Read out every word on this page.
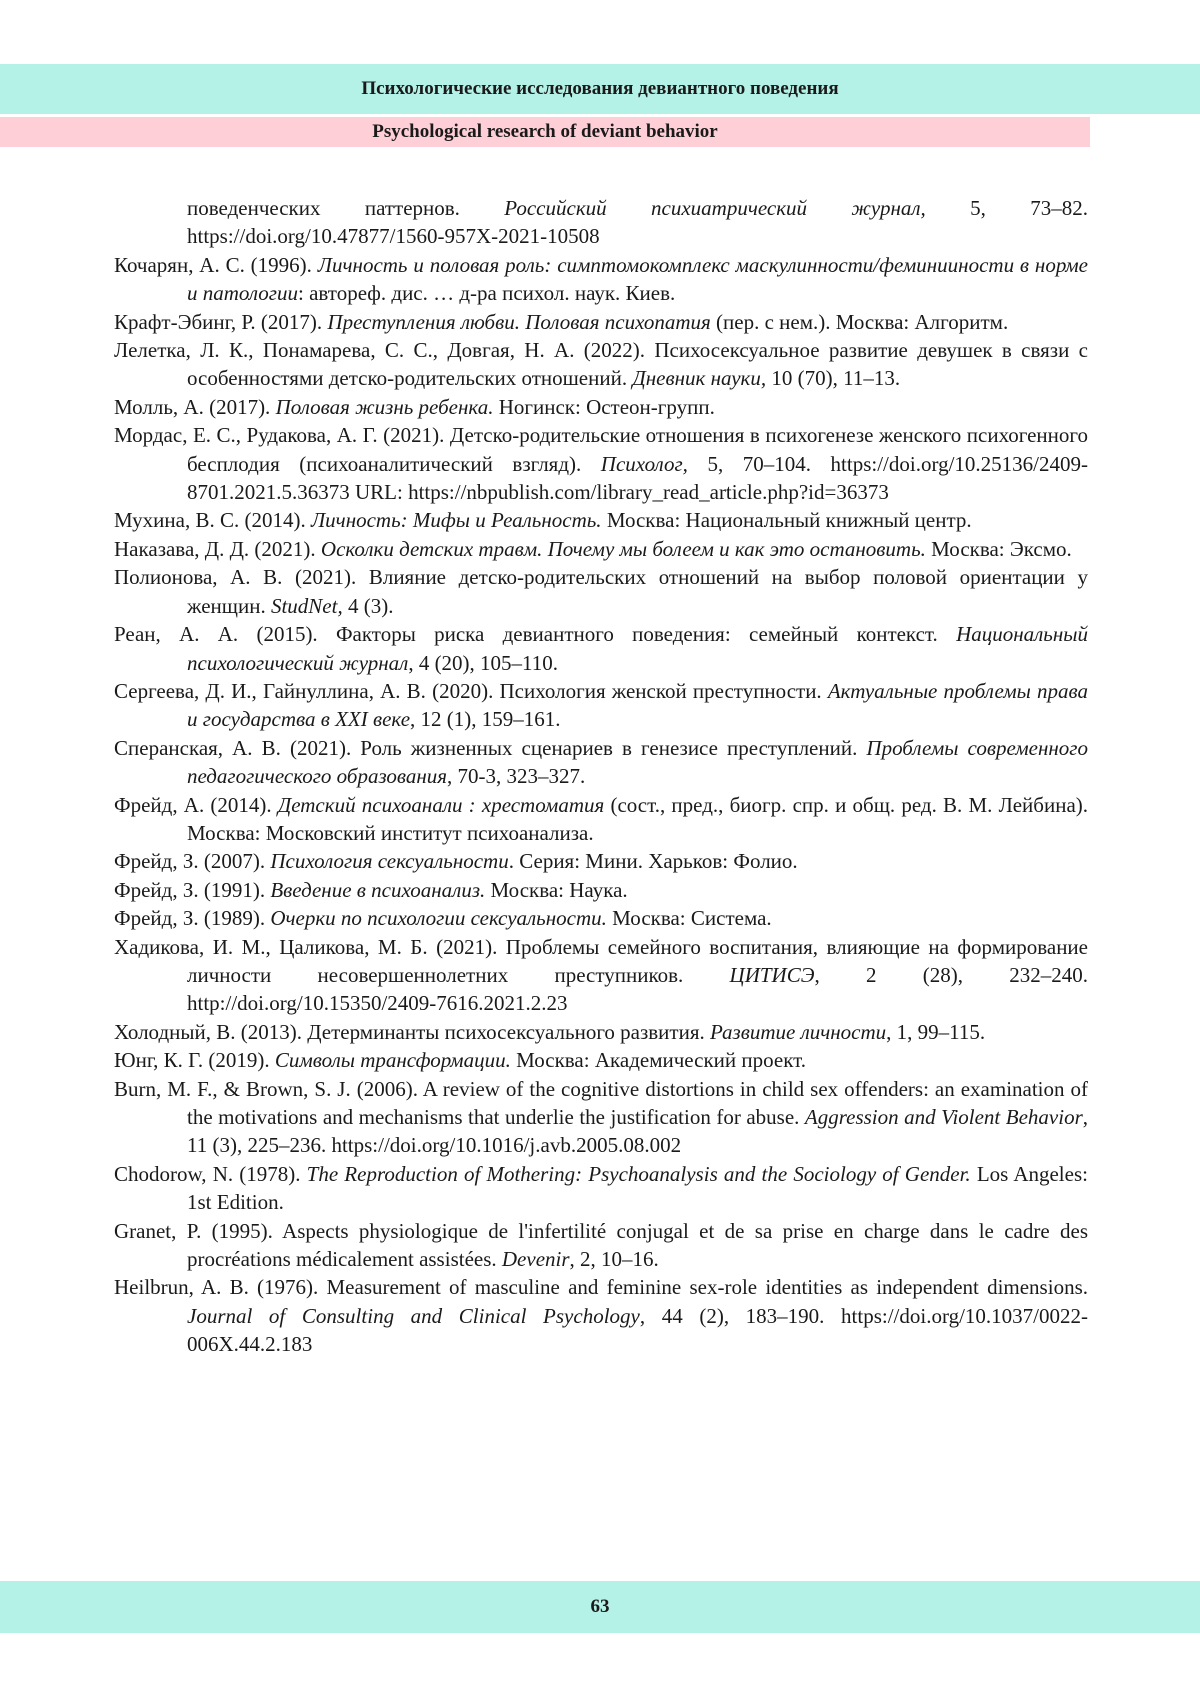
Психологические исследования девиантного поведения
Psychological research of deviant behavior

поведенческих паттернов. Российский психиатрический журнал, 5, 73–82. https://doi.org/10.47877/1560-957X-2021-10508

Кочарян, А. С. (1996). Личность и половая роль: симптомокомплекс маскулинности/феминииности в норме и патологии: автореф. дис. … д-ра психол. наук. Киев.

Крафт-Эбинг, Р. (2017). Преступления любви. Половая психопатия (пер. с нем.). Москва: Алгоритм.

Лелетка, Л. К., Понамарева, С. С., Довгая, Н. А. (2022). Психосексуальное развитие девушек в связи с особенностями детско-родительских отношений. Дневник науки, 10 (70), 11–13.

Молль, А. (2017). Половая жизнь ребенка. Ногинск: Остеон-групп.

Мордас, Е. С., Рудакова, А. Г. (2021). Детско-родительские отношения в психогенезе женского психогенного бесплодия (психоаналитический взгляд). Психолог, 5, 70–104. https://doi.org/10.25136/2409-8701.2021.5.36373 URL: https://nbpublish.com/library_read_article.php?id=36373

Мухина, В. С. (2014). Личность: Мифы и Реальность. Москва: Национальный книжный центр.

Наказава, Д. Д. (2021). Осколки детских травм. Почему мы болеем и как это остановить. Москва: Эксмо.

Полионова, А. В. (2021). Влияние детско-родительских отношений на выбор половой ориентации у женщин. StudNet, 4 (3).

Реан, А. А. (2015). Факторы риска девиантного поведения: семейный контекст. Национальный психологический журнал, 4 (20), 105–110.

Сергеева, Д. И., Гайнуллина, А. В. (2020). Психология женской преступности. Актуальные проблемы права и государства в XXI веке, 12 (1), 159–161.

Сперанская, А. В. (2021). Роль жизненных сценариев в генезисе преступлений. Проблемы современного педагогического образования, 70-3, 323–327.

Фрейд, А. (2014). Детский психоанали : хрестоматия (сост., пред., биогр. спр. и общ. ред. В. М. Лейбина). Москва: Московский институт психоанализа.

Фрейд, З. (2007). Психология сексуальности. Серия: Мини. Харьков: Фолио.

Фрейд, З. (1991). Введение в психоанализ. Москва: Наука.

Фрейд, З. (1989). Очерки по психологии сексуальности. Москва: Система.

Хадикова, И. М., Цаликова, М. Б. (2021). Проблемы семейного воспитания, влияющие на формирование личности несовершеннолетних преступников. ЦИТИСЭ, 2 (28), 232–240. http://doi.org/10.15350/2409-7616.2021.2.23

Холодный, В. (2013). Детерминанты психосексуального развития. Развитие личности, 1, 99–115.

Юнг, К. Г. (2019). Символы трансформации. Москва: Академический проект.

Burn, M. F., & Brown, S. J. (2006). A review of the cognitive distortions in child sex offenders: an examination of the motivations and mechanisms that underlie the justification for abuse. Aggression and Violent Behavior, 11 (3), 225–236. https://doi.org/10.1016/j.avb.2005.08.002

Chodorow, N. (1978). The Reproduction of Mothering: Psychoanalysis and the Sociology of Gender. Los Angeles: 1st Edition.

Granet, P. (1995). Aspects physiologique de l'infertilité conjugal et de sa prise en charge dans le cadre des procréations médicalement assistées. Devenir, 2, 10–16.

Heilbrun, A. B. (1976). Measurement of masculine and feminine sex-role identities as independent dimensions. Journal of Consulting and Clinical Psychology, 44 (2), 183–190. https://doi.org/10.1037/0022-006X.44.2.183

63
